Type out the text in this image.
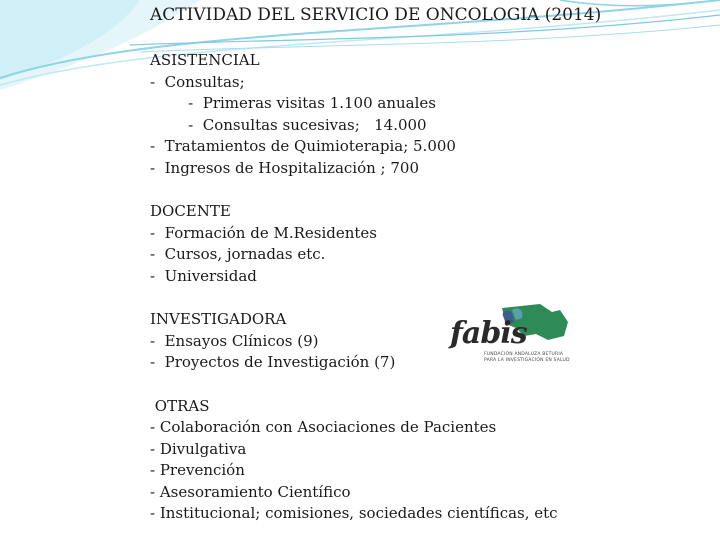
ACTIVIDAD DEL SERVICIO DE ONCOLOGIA (2014)
ASISTENCIAL
-  Consultas;
-  Primeras visitas 1.100 anuales
-  Consultas sucesivas;   14.000
-  Tratamientos de Quimioterapia; 5.000
-  Ingresos de Hospitalización ; 700
DOCENTE
-  Formación de M.Residentes
-  Cursos, jornadas etc.
-  Universidad
INVESTIGADORA
-  Ensayos Clínicos (9)
-  Proyectos de Investigación (7)
OTRAS
- Colaboración con Asociaciones de Pacientes
- Divulgativa
- Prevención
- Asesoramiento Científico
- Institucional; comisiones, sociedades científicas, etc
fabis
FUNDACIÓN ANDALUZA BETURIA
PARA LA INVESTIGACIÓN EN SALUD
